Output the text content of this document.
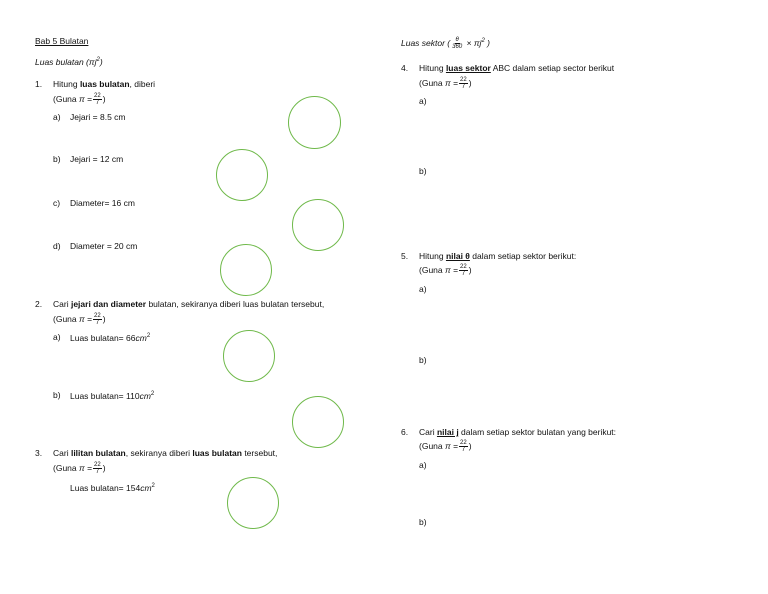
Bab 5 Bulatan
Luas bulatan $(\pi j^2)$
1. Hitung luas bulatan, diberi
(Guna $\pi = \frac{22}{7}$ )
a) Jejari = 8.5 cm
b) Jejari = 12 cm
c) Diameter= 16 cm
d) Diameter = 20 cm
2. Cari jejari dan diameter bulatan, sekiranya diberi luas bulatan tersebut,
(Guna $\pi = \frac{22}{7}$ )
a) Luas bulatan= $66cm^2$
b) Luas bulatan= $110cm^2$
3. Cari lilitan bulatan, sekiranya diberi luas bulatan tersebut,
(Guna $\pi = \frac{22}{7}$ )
Luas bulatan= $154cm^2$
Luas sektor ( $\frac{\theta}{360} \times \pi j^2$ )
4. Hitung luas sektor ABC dalam setiap sector berikut
(Guna $\pi = \frac{22}{7}$ )
a)
b)
5. Hitung nilai θ dalam setiap sektor berikut:
(Guna $\pi = \frac{22}{7}$ )
a)
b)
6. Cari nilai j dalam setiap sektor bulatan yang berikut:
(Guna $\pi = \frac{22}{7}$ )
a)
b)
